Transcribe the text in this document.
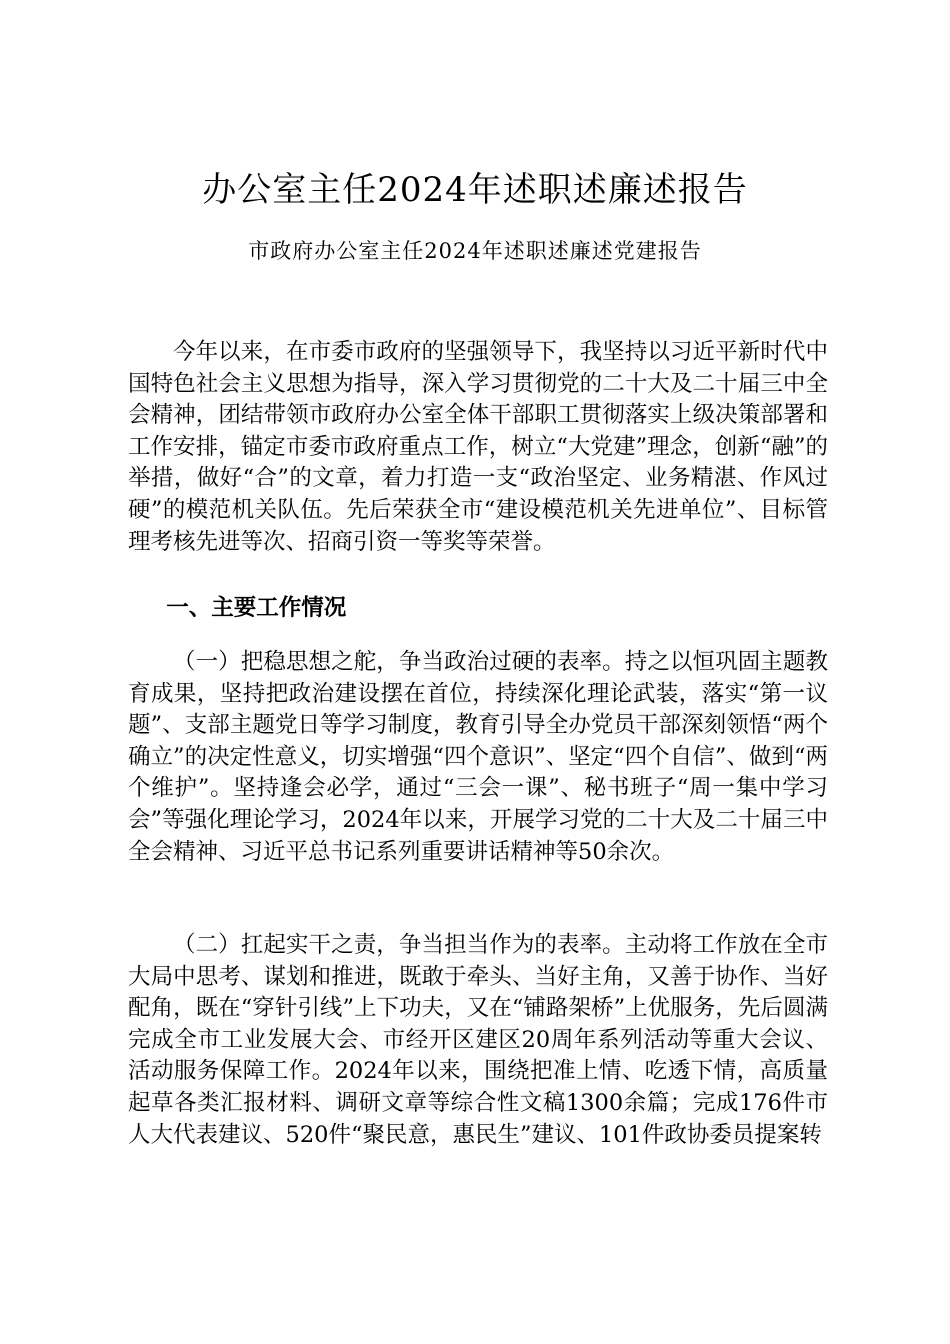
办公室主任2024年述职述廉述报告
市政府办公室主任2024年述职述廉述党建报告

今年以来，在市委市政府的坚强领导下，我坚持以习近平新时代中国特色社会主义思想为指导，深入学习贯彻党的二十大及二十届三中全会精神，团结带领市政府办公室全体干部职工贯彻落实上级决策部署和工作安排，锚定市委市政府重点工作，树立“大党建”理念，创新“融”的举措，做好“合”的文章，着力打造一支“政治坚定、业务精湛、作风过硬”的模范机关队伍。先后荣获全市“建设模范机关先进单位”、目标管理考核先进等次、招商引资一等奖等荣誉。

一、主要工作情况

（一）把稳思想之舵，争当政治过硬的表率。持之以恒巩固主题教育成果，坚持把政治建设摆在首位，持续深化理论武装，落实“第一议题”、支部主题党日等学习制度，教育引导全办党员干部深刻领悟“两个确立”的决定性意义，切实增强“四个意识”、坚定“四个自信”、做到“两个维护”。坚持逢会必学，通过“三会一课”、秘书班子“周一集中学习会”等强化理论学习，2024年以来，开展学习党的二十大及二十届三中全会精神、习近平总书记系列重要讲话精神等50余次。

（二）扛起实干之责，争当担当作为的表率。主动将工作放在全市大局中思考、谋划和推进，既敢于牵头、当好主角，又善于协作、当好配角，既在“穿针引线”上下功夫，又在“铺路架桥”上优服务，先后圆满完成全市工业发展大会、市经开区建区20周年系列活动等重大会议、活动服务保障工作。2024年以来，围绕把准上情、吃透下情，高质量起草各类汇报材料、调研文章等综合性文稿1300余篇；完成176件市人大代表建议、520件“聚民意，惠民生”建议、101件政协委员提案转
